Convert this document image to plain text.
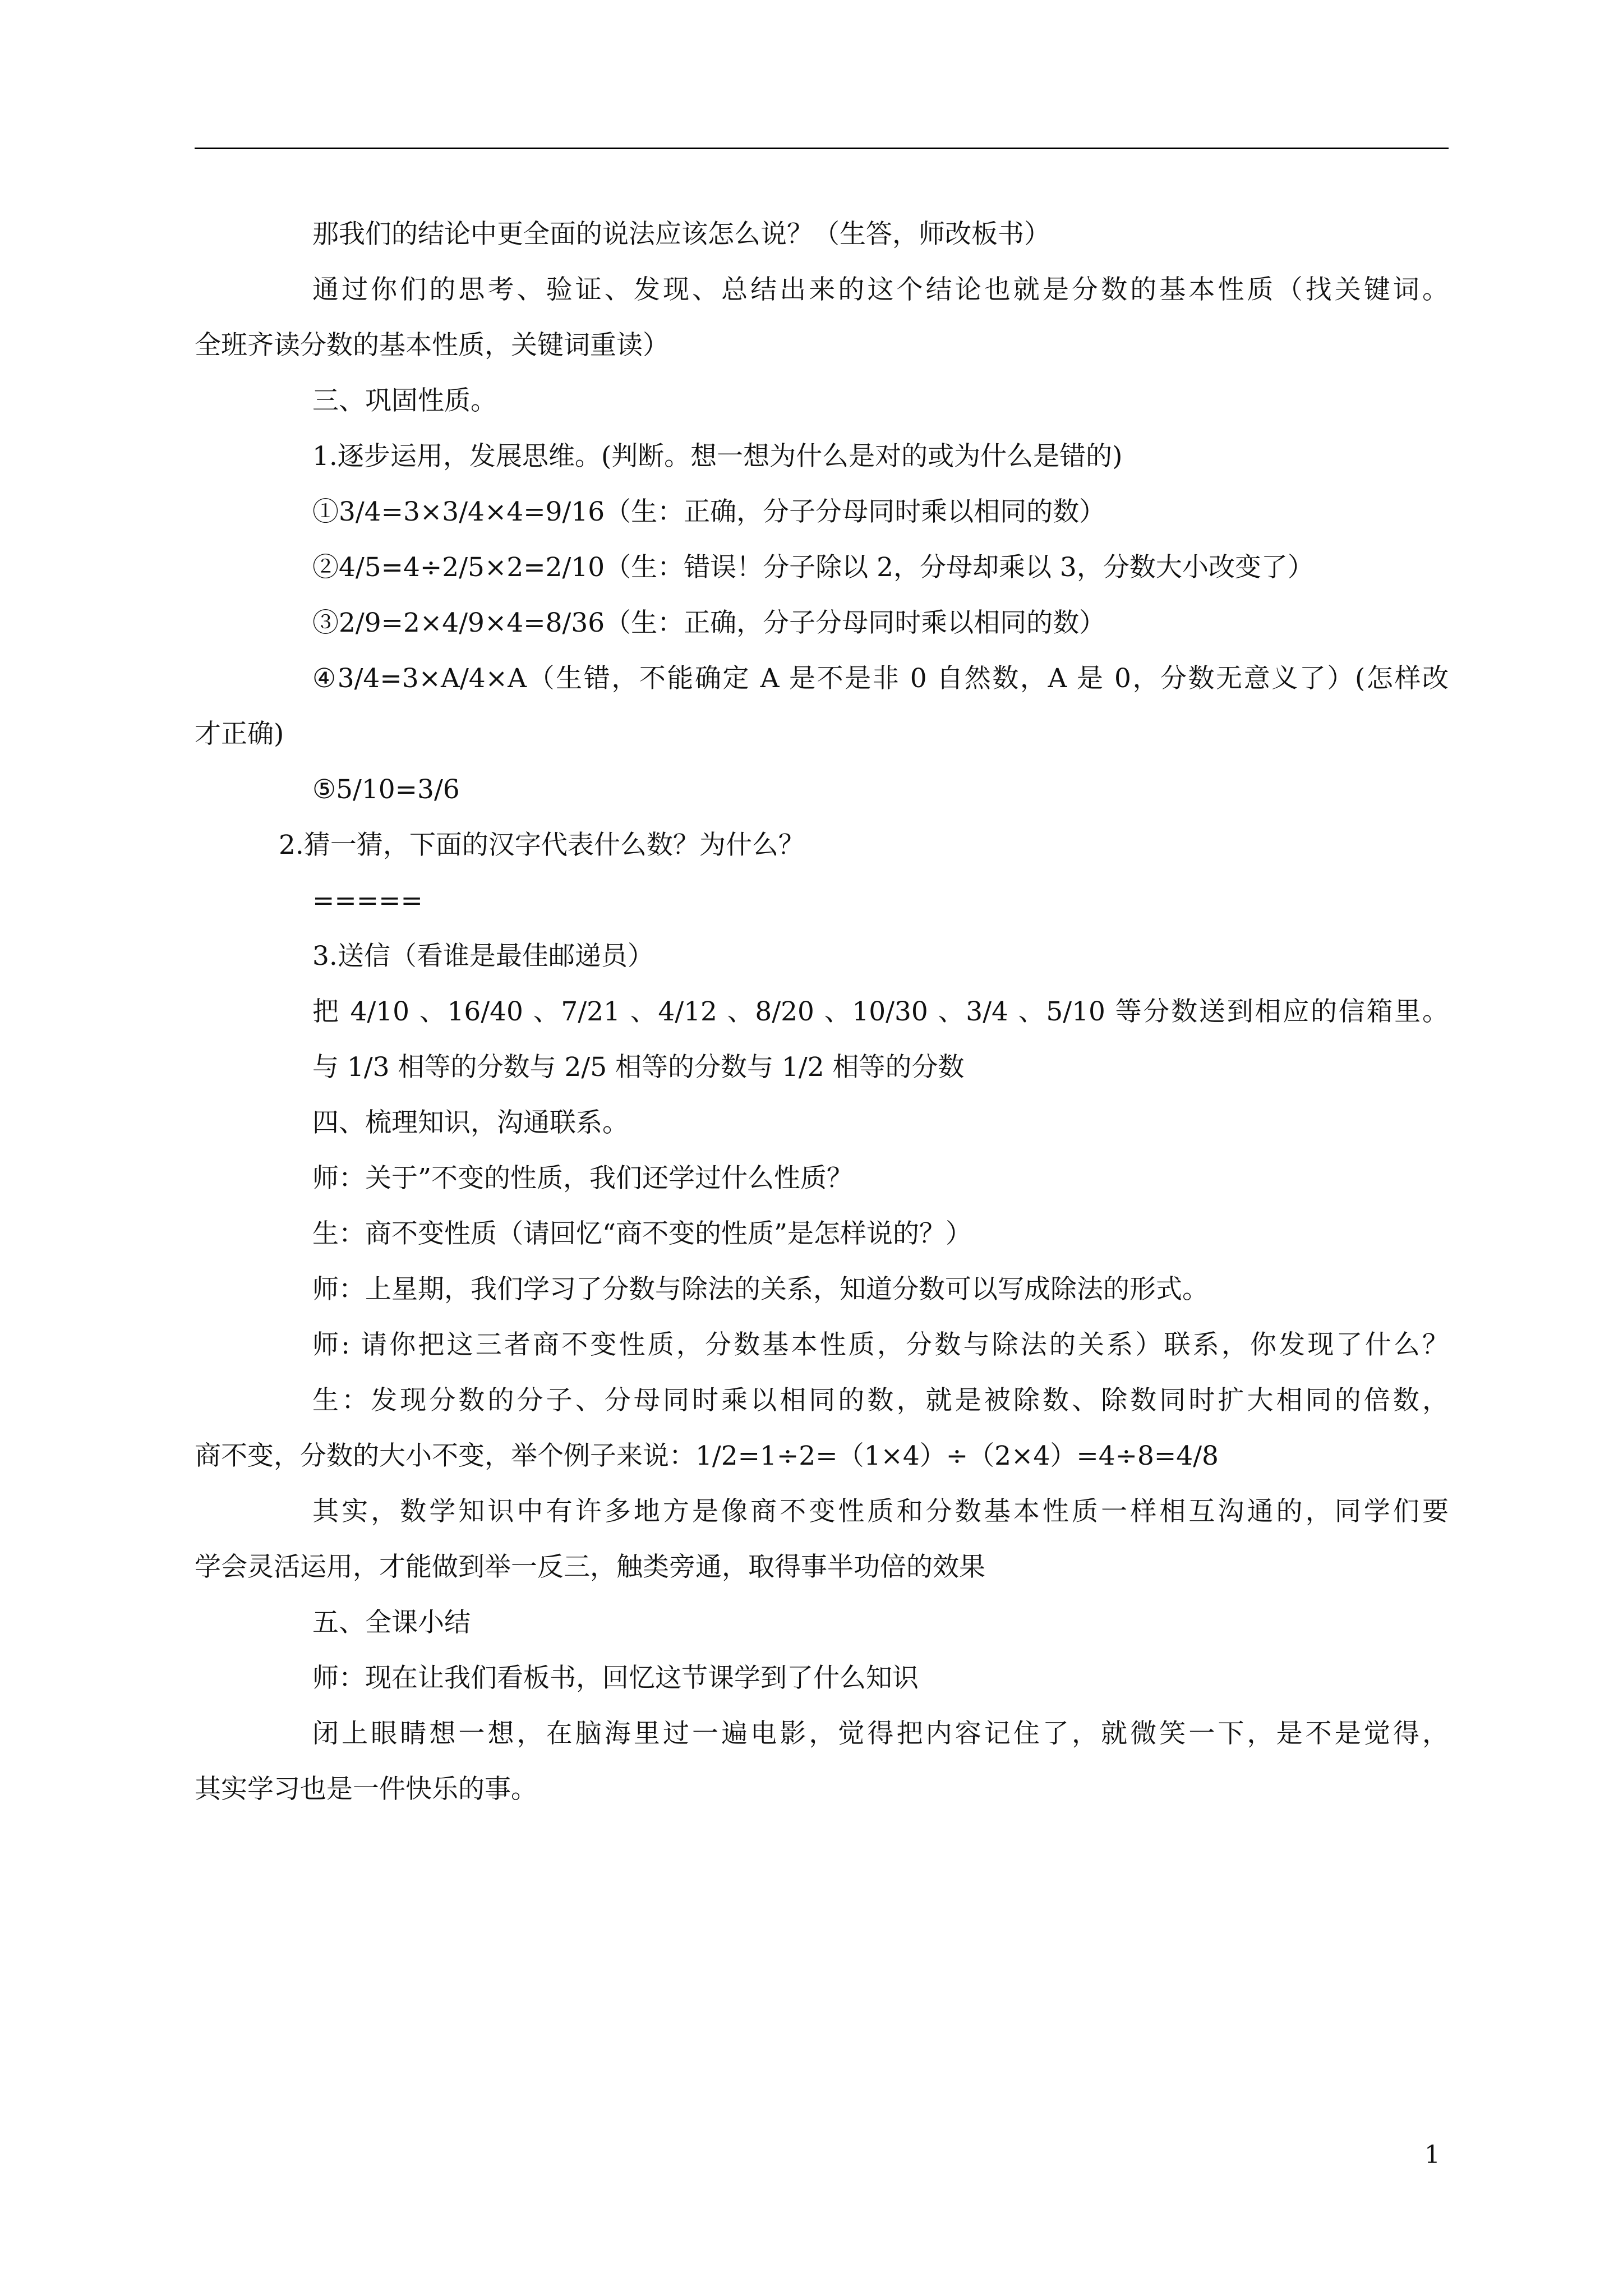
那我们的结论中更全面的说法应该怎么说？（生答，师改板书）
通过你们的思考、验证、发现、总结出来的这个结论也就是分数的基本性质（找关键词。
全班齐读分数的基本性质，关键词重读）
三、巩固性质。
1.逐步运用，发展思维。(判断。想一想为什么是对的或为什么是错的)
①3/4=3×3/4×4=9/16（生：正确，分子分母同时乘以相同的数）
②4/5=4÷2/5×2=2/10（生：错误！分子除以 2，分母却乘以 3，分数大小改变了）
③2/9=2×4/9×4=8/36（生：正确，分子分母同时乘以相同的数）
④3/4=3×A/4×A（生错，不能确定 A 是不是非 0 自然数，A 是 0，分数无意义了）(怎样改
才正确)
⑤5/10=3/6
2.猜一猜，下面的汉字代表什么数？为什么？
=====
3.送信（看谁是最佳邮递员）
把 4/10 、16/40 、7/21 、4/12 、8/20 、10/30 、3/4 、5/10 等分数送到相应的信箱里。
与 1/3 相等的分数与 2/5 相等的分数与 1/2 相等的分数
四、梳理知识，沟通联系。
师：关于”不变的性质，我们还学过什么性质？
生：商不变性质（请回忆“商不变的性质”是怎样说的？）
师：上星期，我们学习了分数与除法的关系，知道分数可以写成除法的形式。
师: 请你把这三者商不变性质，分数基本性质，分数与除法的关系）联系，你发现了什么？
生：发现分数的分子、分母同时乘以相同的数，就是被除数、除数同时扩大相同的倍数，
商不变，分数的大小不变，举个例子来说：1/2=1÷2=（1×4）÷（2×4）=4÷8=4/8
其实，数学知识中有许多地方是像商不变性质和分数基本性质一样相互沟通的，同学们要
学会灵活运用，才能做到举一反三，触类旁通，取得事半功倍的效果
五、全课小结
师：现在让我们看板书，回忆这节课学到了什么知识
闭上眼睛想一想，在脑海里过一遍电影，觉得把内容记住了，就微笑一下，是不是觉得，
其实学习也是一件快乐的事。
1
